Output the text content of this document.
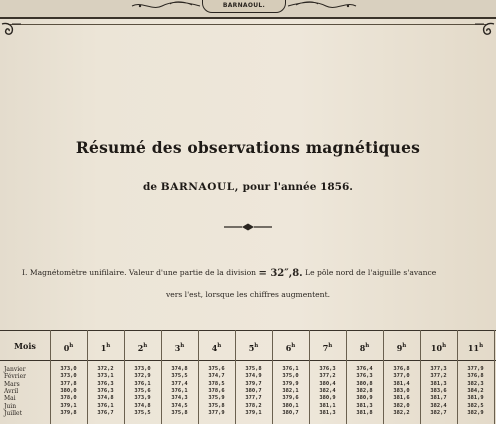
BARNAOUL.
Résumé des observations magnétiques
de BARNAOUL, pour l'année 1856.
I. Magnétomètre unifilaire. Valeur d'une partie de la division = 32″,8. Le pôle nord de l'aiguille s'avance
vers l'est, lorsque les chiffres augmentent.
Mois	0$^h$	1$^h$	2$^h$	3$^h$	4$^h$	5$^h$	6$^h$	7$^h$	8$^h$	9$^h$	10$^h$	11$^h$
Janvier	373,0	372,2	373,0	374,8	375,6	375,8	376,1	376,3	376,4	376,8	377,3	377,9
Février	373,0	373,1	372,9	375,5	374,7	374,9	375,0	377,2	376,3	377,0	377,2	376,8
Mars	377,8	376,3	376,1	377,4	378,5	379,7	379,9	380,4	380,8	381,4	381,3	382,3
Avril	380,0	376,3	375,6	376,1	378,6	380,7	382,1	382,4	382,8	383,0	383,6	384,2
Mai	378,0	374,8	373,9	374,3	375,9	377,7	379,6	380,9	380,9	381,6	381,7	381,9
Juin	379,1	376,1	374,8	374,5	375,8	378,2	380,1	381,1	381,3	382,0	382,4	382,5
Juillet	379,8	376,7	375,5	375,8	377,9	379,1	380,7	381,3	381,8	382,2	382,7	382,9
